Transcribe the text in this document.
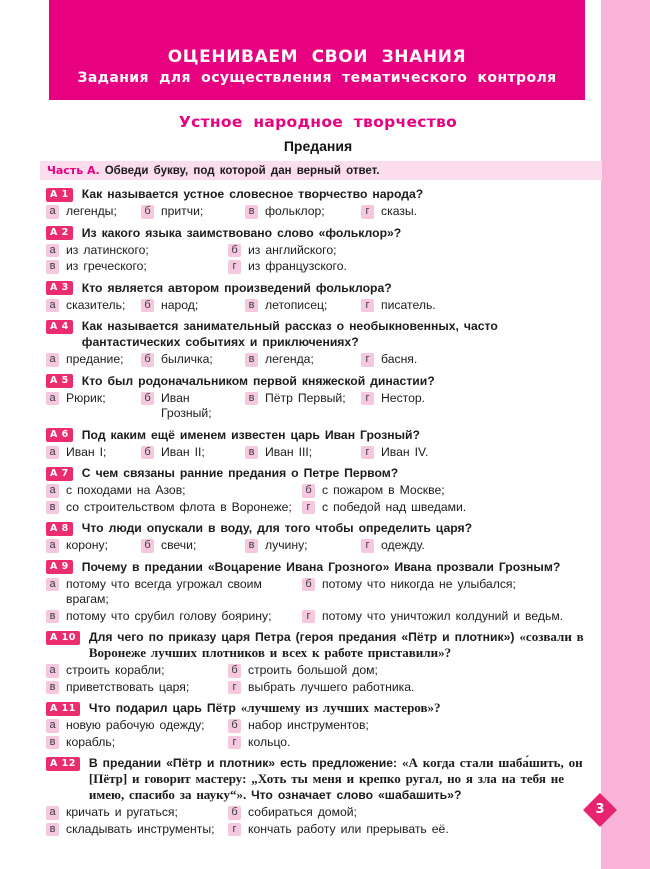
ОЦЕНИВАЕМ СВОИ ЗНАНИЯ
Задания для осуществления тематического контроля
Устное народное творчество
Предания
Часть А. Обведи букву, под которой дан верный ответ.
А 1	Как называется устное словесное творчество народа?
а легенды;	б притчи;	в фольклор;	г сказы.
А 2	Из какого языка заимствовано слово «фольклор»?
а из латинского;	б из английского;
в из греческого;	г из французского.
А 3	Кто является автором произведений фольклора?
а сказитель;	б народ;	в летописец;	г писатель.
А 4	Как называется занимательный рассказ о необыкновенных, часто фантастических событиях и приключениях?
а предание;	б быличка;	в легенда;	г басня.
А 5	Кто был родоначальником первой княжеской династии?
а Рюрик;	б Иван Грозный;
в Пётр Первый;	г Нестор.
А 6	Под каким ещё именем известен царь Иван Грозный?
а Иван I;	б Иван II;	в Иван III;	г Иван IV.
А 7	С чем связаны ранние предания о Петре Первом?
а с походами на Азов;	б с пожаром в Москве;
в со строительством флота в Воронеже;	г с победой над шведами.
А 8	Что люди опускали в воду, для того чтобы определить царя?
а корону;	б свечи;	в лучину;	г одежду.
А 9	Почему в предании «Воцарение Ивана Грозного» Ивана прозвали Грозным?
а потому что всегда угрожал своим врагам;
б потому что никогда не улыбался;
в потому что срубил голову боярину;	г потому что уничтожил колдуний и ведьм.
А 10	Для чего по приказу царя Петра (героя предания «Пётр и плотник») «созвали в Воронеже лучших плотников и всех к работе приставили»?
а строить корабли;	б строить большой дом;
в приветствовать царя;	г выбрать лучшего работника.
А 11	Что подарил царь Пётр «лучшему из лучших мастеров»?
а новую рабочую одежду;	б набор инструментов;
в корабль;	г кольцо.
А 12	В предании «Пётр и плотник» есть предложение: «А когда стали шаба́шить, он [Пётр] и говорит мастеру: „Хоть ты меня и крепко ругал, но я зла на тебя не имею, спасибо за науку“». Что означает слово «шабашить»?
а кричать и ругаться;	б собираться домой;
в складывать инструменты;	г кончать работу или прерывать её.
3
